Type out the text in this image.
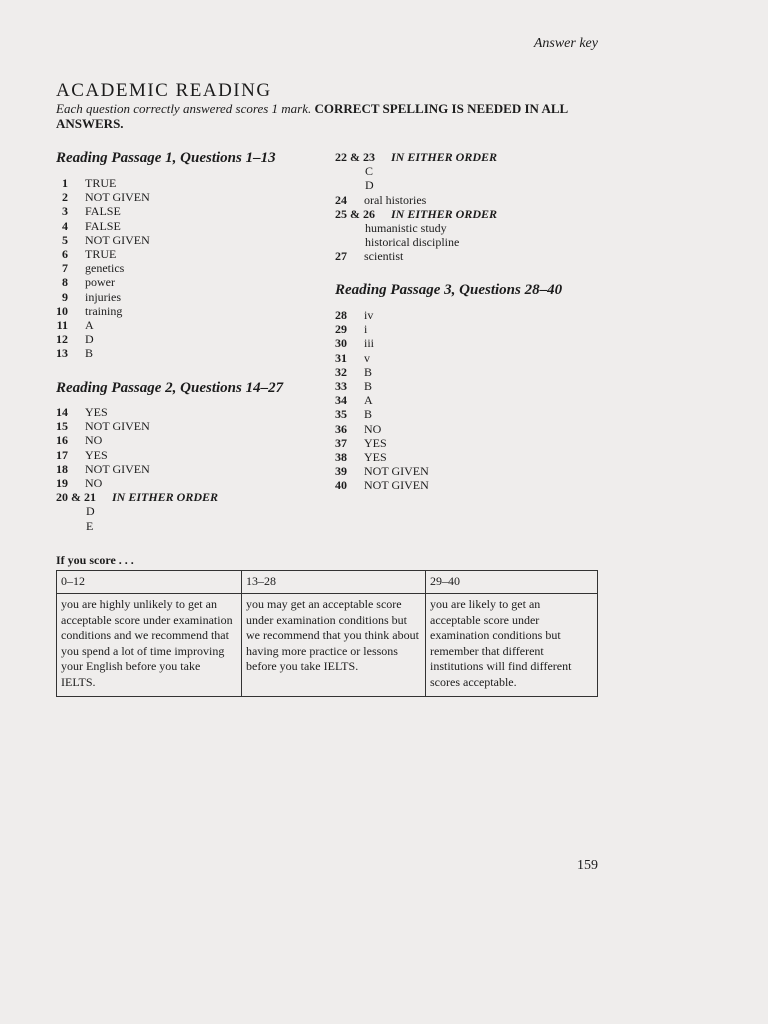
Answer key
ACADEMIC READING
Each question correctly answered scores 1 mark. CORRECT SPELLING IS NEEDED IN ALL ANSWERS.
Reading Passage 1, Questions 1–13
1 TRUE
2 NOT GIVEN
3 FALSE
4 FALSE
5 NOT GIVEN
6 TRUE
7 genetics
8 power
9 injuries
10 training
11 A
12 D
13 B
Reading Passage 2, Questions 14–27
14 YES
15 NOT GIVEN
16 NO
17 YES
18 NOT GIVEN
19 NO
20 & 21 IN EITHER ORDER
D
E
22 & 23 IN EITHER ORDER
C
D
24 oral histories
25 & 26 IN EITHER ORDER
humanistic study
historical discipline
27 scientist
Reading Passage 3, Questions 28–40
28 iv
29 i
30 iii
31 v
32 B
33 B
34 A
35 B
36 NO
37 YES
38 YES
39 NOT GIVEN
40 NOT GIVEN
If you score . . .
0–12	13–28	29–40
you are highly unlikely to get an acceptable score under examination conditions and we recommend that you spend a lot of time improving your English before you take IELTS.	you may get an acceptable score under examination conditions but we recommend that you think about having more practice or lessons before you take IELTS.	you are likely to get an acceptable score under examination conditions but remember that different institutions will find different scores acceptable.
159
